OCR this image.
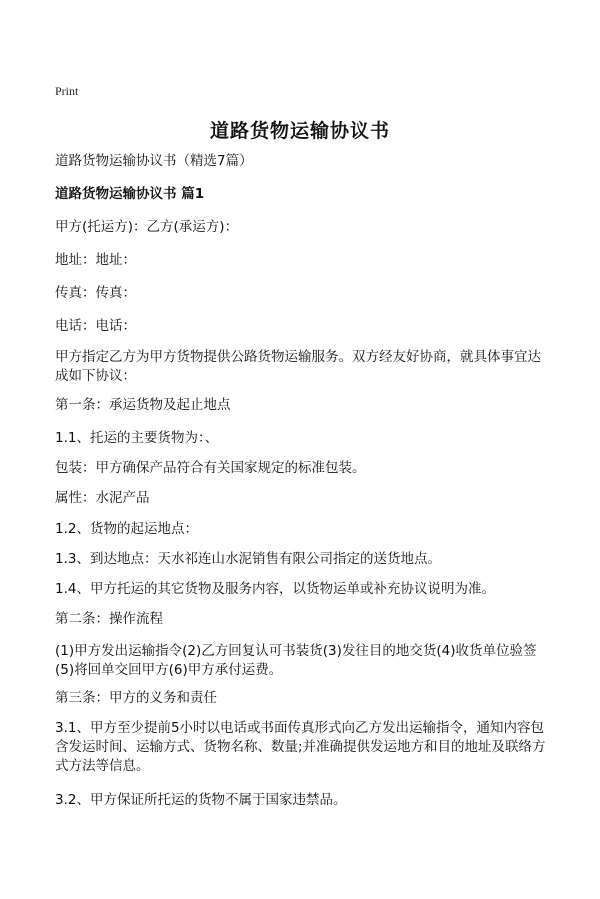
Print
道路货物运输协议书
道路货物运输协议书（精选7篇）
道路货物运输协议书 篇1
甲方(托运方)：乙方(承运方)：
地址：地址：
传真：传真：
电话：电话：
甲方指定乙方为甲方货物提供公路货物运输服务。双方经友好协商，就具体事宜达成如下协议：
第一条：承运货物及起止地点
1.1、托运的主要货物为：、
包装：甲方确保产品符合有关国家规定的标准包装。
属性：水泥产品
1.2、货物的起运地点：
1.3、到达地点：天水祁连山水泥销售有限公司指定的送货地点。
1.4、甲方托运的其它货物及服务内容，以货物运单或补充协议说明为准。
第二条：操作流程
(1)甲方发出运输指令(2)乙方回复认可书装货(3)发往目的地交货(4)收货单位验签(5)将回单交回甲方(6)甲方承付运费。
第三条：甲方的义务和责任
3.1、甲方至少提前5小时以电话或书面传真形式向乙方发出运输指令，通知内容包含发运时间、运输方式、货物名称、数量;并准确提供发运地方和目的地址及联络方式方法等信息。
3.2、甲方保证所托运的货物不属于国家违禁品。
